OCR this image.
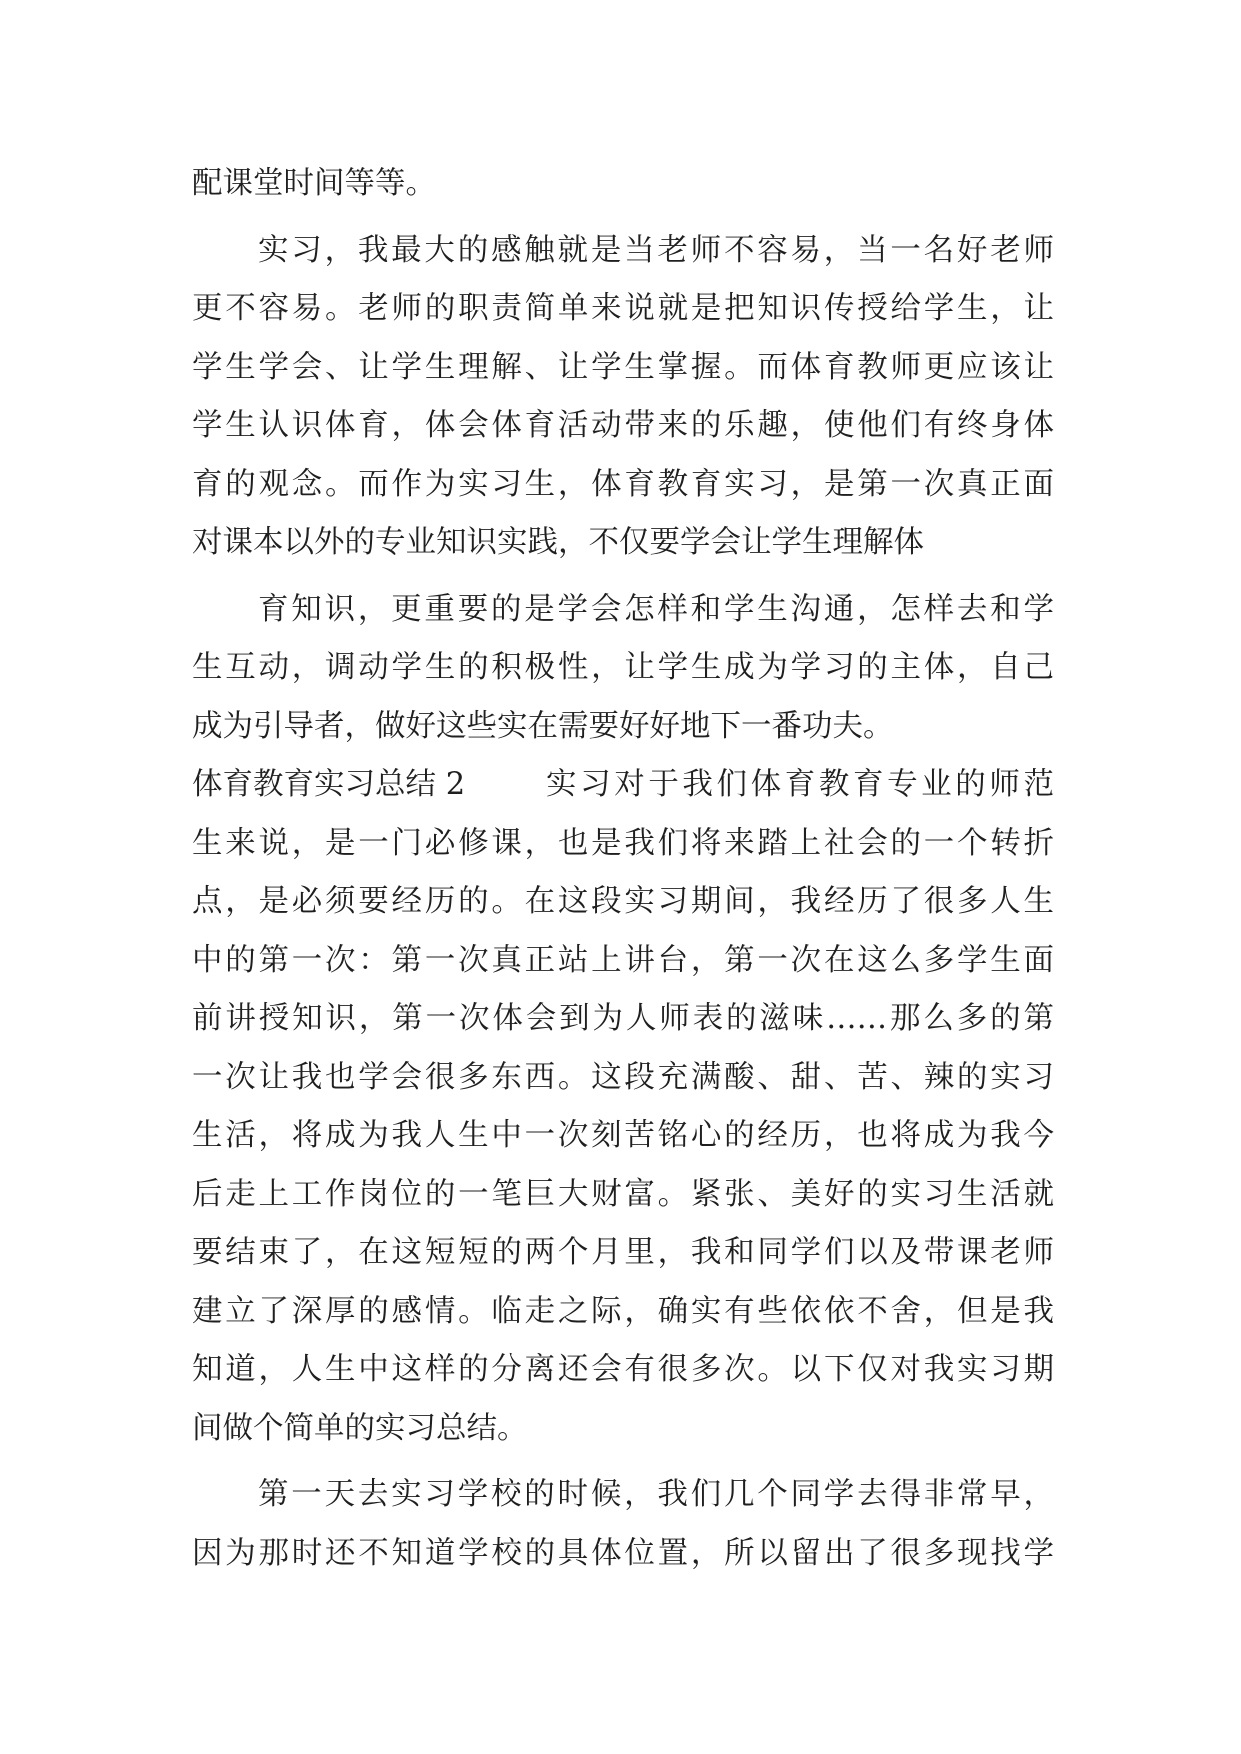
配课堂时间等等。
实习，我最大的感触就是当老师不容易，当一名好老师
更不容易。老师的职责简单来说就是把知识传授给学生，让
学生学会、让学生理解、让学生掌握。而体育教师更应该让
学生认识体育，体会体育活动带来的乐趣，使他们有终身体
育的观念。而作为实习生，体育教育实习，是第一次真正面
对课本以外的专业知识实践，不仅要学会让学生理解体
育知识，更重要的是学会怎样和学生沟通，怎样去和学
生互动，调动学生的积极性，让学生成为学习的主体，自己
成为引导者，做好这些实在需要好好地下一番功夫。
体育教育实习总结 2	实习对于我们体育教育专业的师范
生来说，是一门必修课，也是我们将来踏上社会的一个转折
点，是必须要经历的。在这段实习期间，我经历了很多人生
中的第一次：第一次真正站上讲台，第一次在这么多学生面
前讲授知识，第一次体会到为人师表的滋味……那么多的第
一次让我也学会很多东西。这段充满酸、甜、苦、辣的实习
生活，将成为我人生中一次刻苦铭心的经历，也将成为我今
后走上工作岗位的一笔巨大财富。紧张、美好的实习生活就
要结束了，在这短短的两个月里，我和同学们以及带课老师
建立了深厚的感情。临走之际，确实有些依依不舍，但是我
知道，人生中这样的分离还会有很多次。以下仅对我实习期
间做个简单的实习总结。
第一天去实习学校的时候，我们几个同学去得非常早，
因为那时还不知道学校的具体位置，所以留出了很多现找学
